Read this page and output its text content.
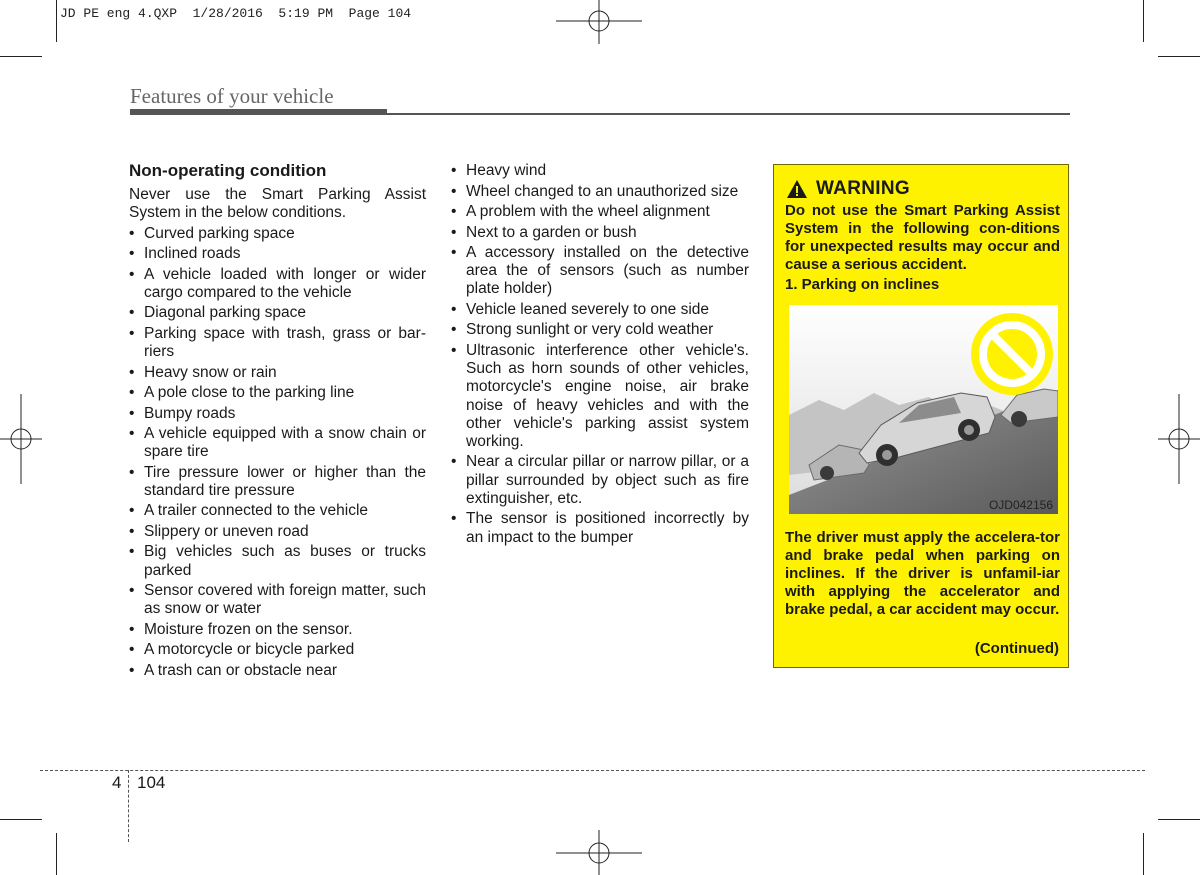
JD PE eng 4.QXP  1/28/2016  5:19 PM  Page 104
Features of your vehicle
Non-operating condition
Never use the Smart Parking Assist System in the below conditions.
• Curved parking space
• Inclined roads
• A vehicle loaded with longer or wider cargo compared to the vehicle
• Diagonal parking space
• Parking space with trash, grass or bar-riers
• Heavy snow or rain
• A pole close to the parking line
• Bumpy roads
• A vehicle equipped with a snow chain or spare tire
• Tire pressure lower or higher than the standard tire pressure
• A trailer connected to the vehicle
• Slippery or uneven road
• Big vehicles such as buses or trucks parked
• Sensor covered with foreign matter, such as snow or water
• Moisture frozen on the sensor.
• A motorcycle or bicycle parked
• A trash can or obstacle near
• Heavy wind
• Wheel changed to an unauthorized size
• A problem with the wheel alignment
• Next to a garden or bush
• A accessory installed on the detective area the of sensors (such as number plate holder)
• Vehicle leaned severely to one side
• Strong sunlight or very cold weather
• Ultrasonic interference other vehicle's. Such as horn sounds of other vehicles, motorcycle's engine noise, air brake noise of heavy vehicles and with the other vehicle's parking assist system working.
• Near a circular pillar or narrow pillar, or a pillar surrounded by object such as fire extinguisher, etc.
• The sensor is positioned incorrectly by an impact to the bumper
WARNING
Do not use the Smart Parking Assist System in the following con-ditions for unexpected results may occur and cause a serious accident.
1. Parking on inclines
OJD042156
The driver must apply the accelera-tor and brake pedal when parking on inclines. If the driver is unfamil-iar with applying the accelerator and brake pedal, a car accident may occur.
(Continued)
4 104
